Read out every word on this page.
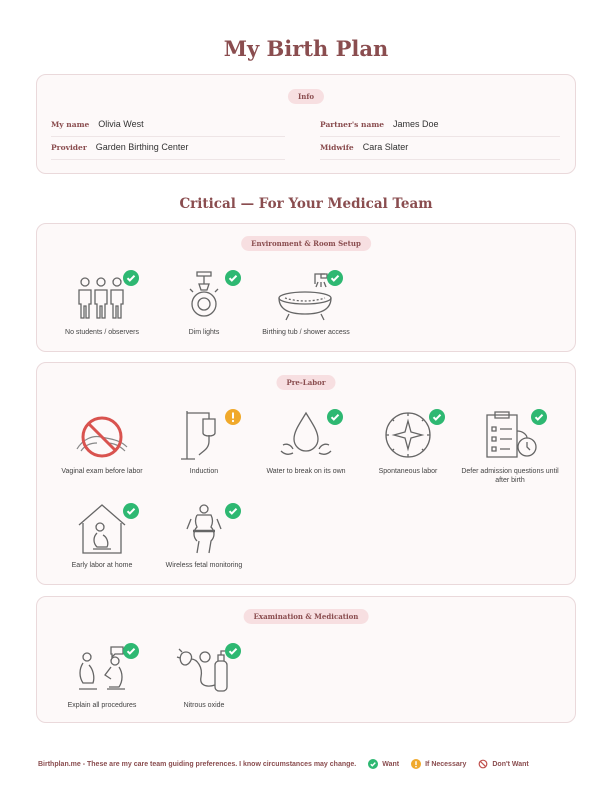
My Birth Plan
Info
My name Olivia West	Partner's name James Doe
Provider Garden Birthing Center	Midwife Cara Slater
Critical — For Your Medical Team
Environment & Room Setup
No students / observers	Dim lights	Birthing tub / shower access
Pre-Labor
Vaginal exam before labor	Induction	Water to break on its own	Spontaneous labor	Defer admission questions until after birth
Early labor at home	Wireless fetal monitoring
Examination & Medication
Explain all procedures	Nitrous oxide
Birthplan.me - These are my care team guiding preferences. I know circumstances may change.	Want	If Necessary	Don't Want
